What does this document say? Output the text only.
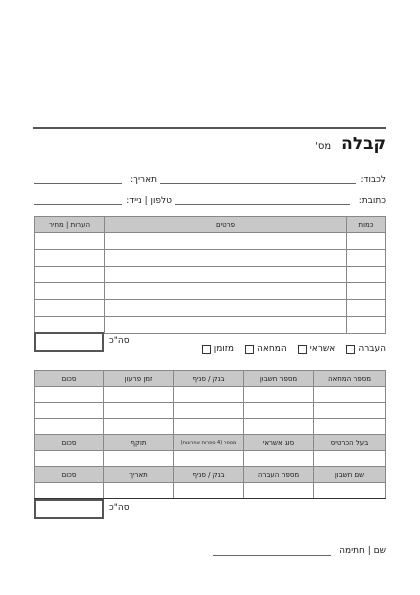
קבלהמס'
לכבוד:
תאריך:
כתובת:
טלפון | נייד:
כמות	פרטים	הערות | מחיר

סה"כ
מזומן	המחאה	אשראי	העברה
מספר המחאה	מספר חשבון	בנק / סניף	זמן פרעון	סכום

בעל הכרטיס	סוג אשראי	מספר (4 ספרות אחרונות)	תוקף	סכום

שם חשבון	מספר העברה	בנק / סניף	תאריך	סכום

סה"כ
שם | חתימה
